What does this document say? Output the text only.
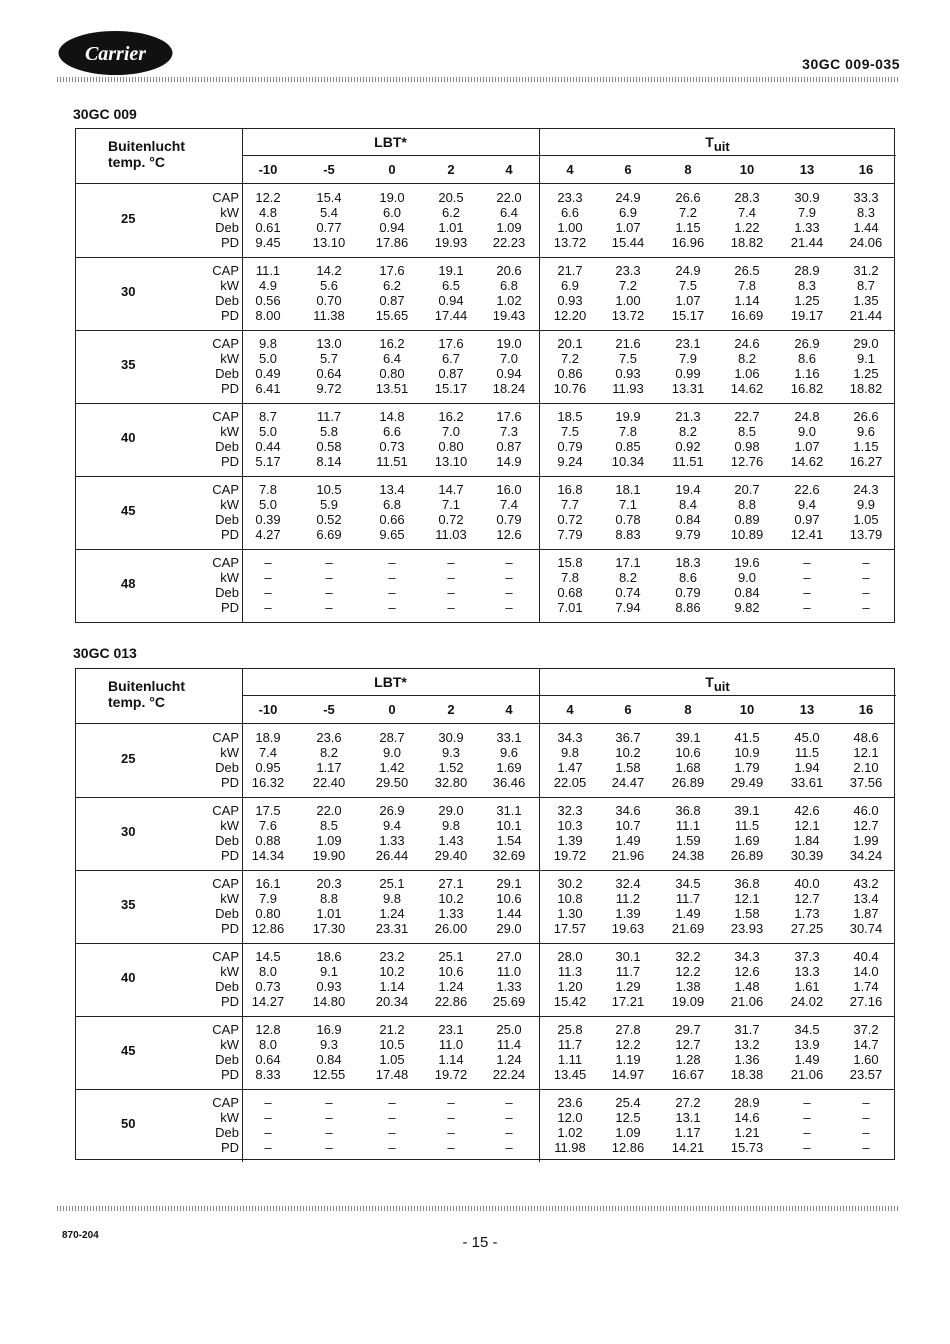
Carrier	30GC 009-035
30GC 009
Buitenlucht
temp. °C
LBT*	Tuit
-10	-5	0	2	4	4	6	8	10	13	16
25
CAP	12.2	15.4	19.0	20.5	22.0	23.3	24.9	26.6	28.3	30.9	33.3
kW	4.8	5.4	6.0	6.2	6.4	6.6	6.9	7.2	7.4	7.9	8.3
Deb	0.61	0.77	0.94	1.01	1.09	1.00	1.07	1.15	1.22	1.33	1.44
PD	9.45	13.10	17.86	19.93	22.23	13.72	15.44	16.96	18.82	21.44	24.06
30
CAP	11.1	14.2	17.6	19.1	20.6	21.7	23.3	24.9	26.5	28.9	31.2
kW	4.9	5.6	6.2	6.5	6.8	6.9	7.2	7.5	7.8	8.3	8.7
Deb	0.56	0.70	0.87	0.94	1.02	0.93	1.00	1.07	1.14	1.25	1.35
PD	8.00	11.38	15.65	17.44	19.43	12.20	13.72	15.17	16.69	19.17	21.44
35
CAP	9.8	13.0	16.2	17.6	19.0	20.1	21.6	23.1	24.6	26.9	29.0
kW	5.0	5.7	6.4	6.7	7.0	7.2	7.5	7.9	8.2	8.6	9.1
Deb	0.49	0.64	0.80	0.87	0.94	0.86	0.93	0.99	1.06	1.16	1.25
PD	6.41	9.72	13.51	15.17	18.24	10.76	11.93	13.31	14.62	16.82	18.82
40
CAP	8.7	11.7	14.8	16.2	17.6	18.5	19.9	21.3	22.7	24.8	26.6
kW	5.0	5.8	6.6	7.0	7.3	7.5	7.8	8.2	8.5	9.0	9.6
Deb	0.44	0.58	0.73	0.80	0.87	0.79	0.85	0.92	0.98	1.07	1.15
PD	5.17	8.14	11.51	13.10	14.9	9.24	10.34	11.51	12.76	14.62	16.27
45
CAP	7.8	10.5	13.4	14.7	16.0	16.8	18.1	19.4	20.7	22.6	24.3
kW	5.0	5.9	6.8	7.1	7.4	7.7	7.1	8.4	8.8	9.4	9.9
Deb	0.39	0.52	0.66	0.72	0.79	0.72	0.78	0.84	0.89	0.97	1.05
PD	4.27	6.69	9.65	11.03	12.6	7.79	8.83	9.79	10.89	12.41	13.79
48
CAP	–	–	–	–	–	15.8	17.1	18.3	19.6	–	–
kW	–	–	–	–	–	7.8	8.2	8.6	9.0	–	–
Deb	–	–	–	–	–	0.68	0.74	0.79	0.84	–	–
PD	–	–	–	–	–	7.01	7.94	8.86	9.82	–	–
30GC 013
Buitenlucht
temp. °C
LBT*	Tuit
-10	-5	0	2	4	4	6	8	10	13	16
25
CAP	18.9	23.6	28.7	30.9	33.1	34.3	36.7	39.1	41.5	45.0	48.6
kW	7.4	8.2	9.0	9.3	9.6	9.8	10.2	10.6	10.9	11.5	12.1
Deb	0.95	1.17	1.42	1.52	1.69	1.47	1.58	1.68	1.79	1.94	2.10
PD 16.32	22.40	29.50	32.80	36.46	22.05	24.47	26.89	29.49	33.61	37.56
30
CAP	17.5	22.0	26.9	29.0	31.1	32.3	34.6	36.8	39.1	42.6	46.0
kW	7.6	8.5	9.4	9.8	10.1	10.3	10.7	11.1	11.5	12.1	12.7
Deb	0.88	1.09	1.33	1.43	1.54	1.39	1.49	1.59	1.69	1.84	1.99
PD 14.34	19.90	26.44	29.40	32.69	19.72	21.96	24.38	26.89	30.39	34.24
35
CAP	16.1	20.3	25.1	27.1	29.1	30.2	32.4	34.5	36.8	40.0	43.2
kW	7.9	8.8	9.8	10.2	10.6	10.8	11.2	11.7	12.1	12.7	13.4
Deb	0.80	1.01	1.24	1.33	1.44	1.30	1.39	1.49	1.58	1.73	1.87
PD 12.86	17.30	23.31	26.00	29.0	17.57	19.63	21.69	23.93	27.25	30.74
40
CAP	14.5	18.6	23.2	25.1	27.0	28.0	30.1	32.2	34.3	37.3	40.4
kW	8.0	9.1	10.2	10.6	11.0	11.3	11.7	12.2	12.6	13.3	14.0
Deb	0.73	0.93	1.14	1.24	1.33	1.20	1.29	1.38	1.48	1.61	1.74
PD 14.27	14.80	20.34	22.86	25.69	15.42	17.21	19.09	21.06	24.02	27.16
45
CAP	12.8	16.9	21.2	23.1	25.0	25.8	27.8	29.7	31.7	34.5	37.2
kW	8.0	9.3	10.5	11.0	11.4	11.7	12.2	12.7	13.2	13.9	14.7
Deb	0.64	0.84	1.05	1.14	1.24	1.11	1.19	1.28	1.36	1.49	1.60
PD	8.33	12.55	17.48	19.72	22.24	13.45	14.97	16.67	18.38	21.06	23.57
50
CAP	–	–	–	–	–	23.6	25.4	27.2	28.9	–	–
kW	–	–	–	–	–	12.0	12.5	13.1	14.6	–	–
Deb	–	–	–	–	–	1.02	1.09	1.17	1.21	–	–
PD	–	–	–	–	–	11.98	12.86	14.21	15.73	–	–
870-204	- 15 -
